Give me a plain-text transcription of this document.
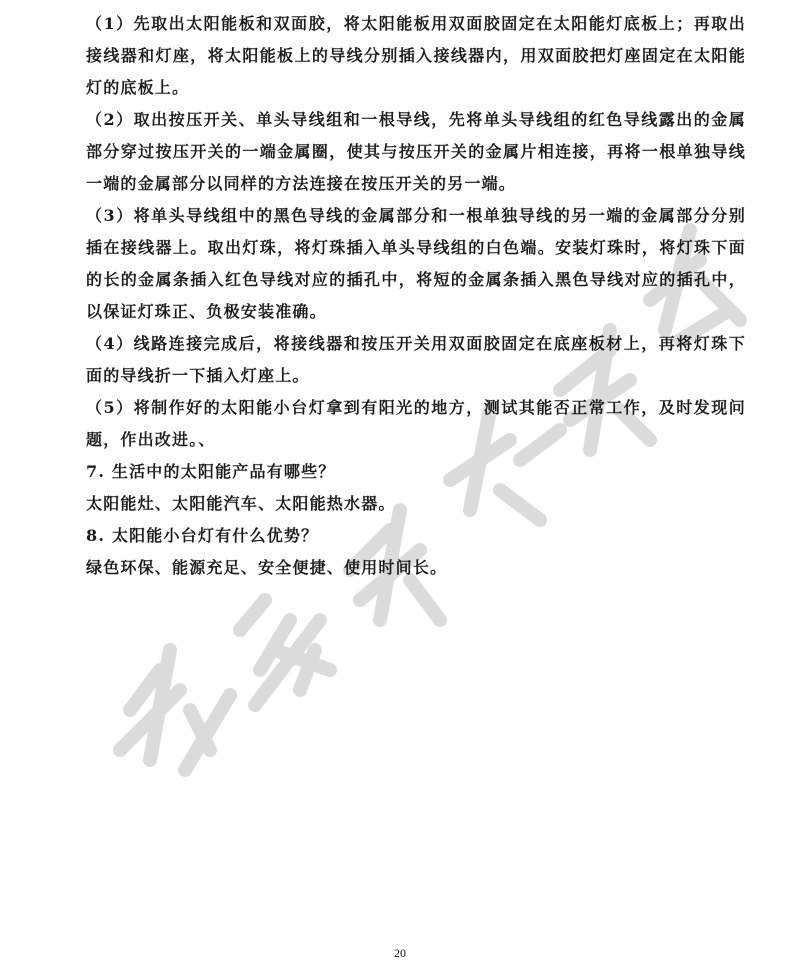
（1）先取出太阳能板和双面胶，将太阳能板用双面胶固定在太阳能灯底板上；再取出接线器和灯座，将太阳能板上的导线分别插入接线器内，用双面胶把灯座固定在太阳能灯的底板上。

（2）取出按压开关、单头导线组和一根导线，先将单头导线组的红色导线露出的金属部分穿过按压开关的一端金属圈，使其与按压开关的金属片相连接，再将一根单独导线一端的金属部分以同样的方法连接在按压开关的另一端。

（3）将单头导线组中的黑色导线的金属部分和一根单独导线的另一端的金属部分分别插在接线器上。取出灯珠，将灯珠插入单头导线组的白色端。安装灯珠时，将灯珠下面的长的金属条插入红色导线对应的插孔中，将短的金属条插入黑色导线对应的插孔中，以保证灯珠正、负极安装准确。

（4）线路连接完成后，将接线器和按压开关用双面胶固定在底座板材上，再将灯珠下面的导线折一下插入灯座上。

（5）将制作好的太阳能小台灯拿到有阳光的地方，测试其能否正常工作，及时发现问题，作出改进。、

7. 生活中的太阳能产品有哪些？

太阳能灶、太阳能汽车、太阳能热水器。

8. 太阳能小台灯有什么优势？

绿色环保、能源充足、安全便捷、使用时间长。

20
